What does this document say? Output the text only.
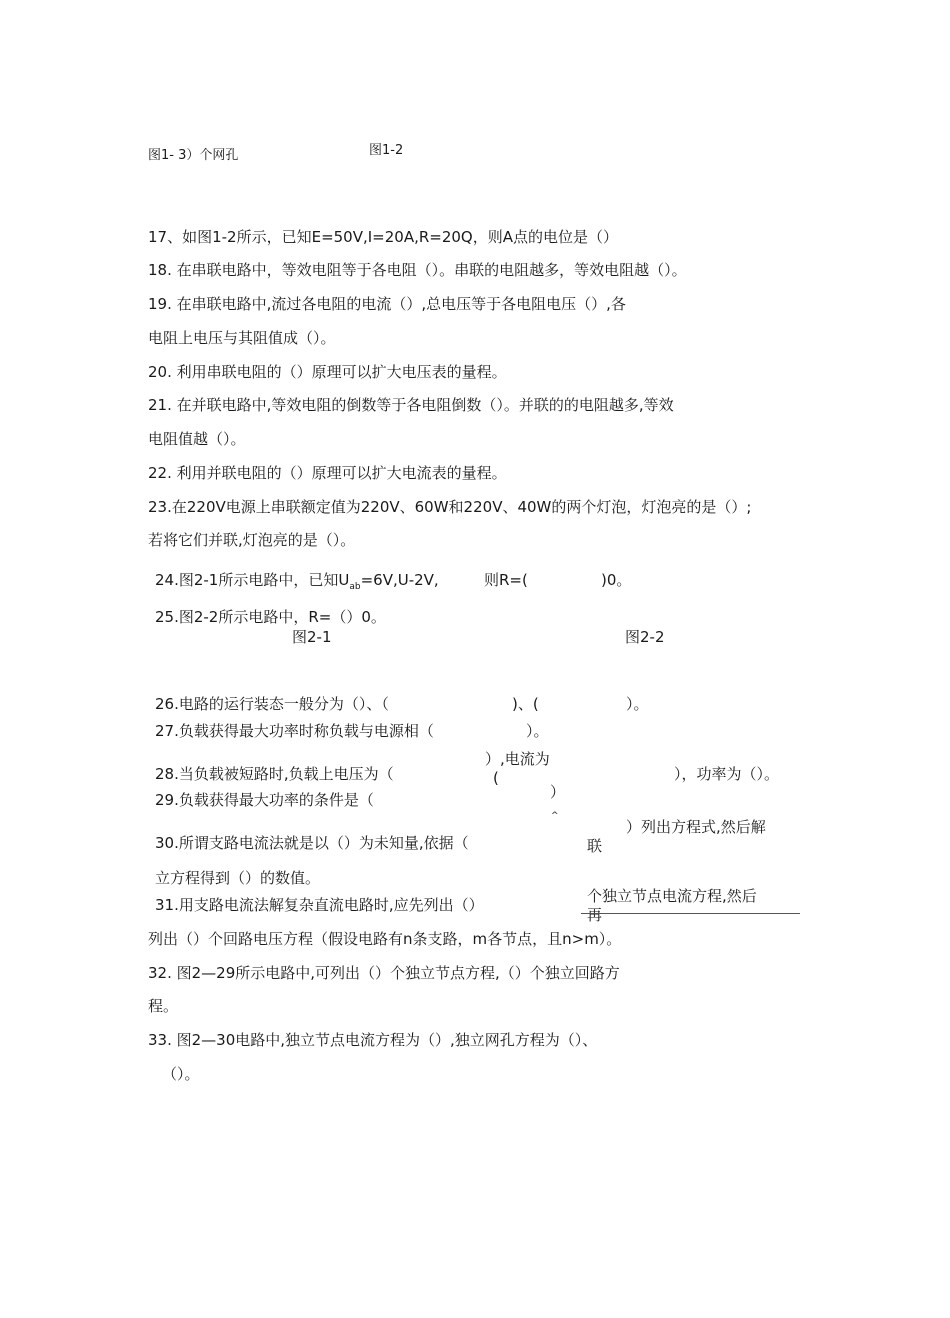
图1- 3）个网孔	图1-2
17、如图1-2所示，已知E=50V,I=20A,R=20Q，则A点的电位是（）
18. 在串联电路中，等效电阻等于各电阻（）。串联的电阻越多，等效电阻越（）。
19. 在串联电路中,流过各电阻的电流（）,总电压等于各电阻电压（）,各
电阻上电压与其阻值成（）。
20. 利用串联电阻的（）原理可以扩大电压表的量程。
21. 在并联电路中,等效电阻的倒数等于各电阻倒数（）。并联的的电阻越多,等效
电阻值越（）。
22. 利用并联电阻的（）原理可以扩大电流表的量程。
23.在220V电源上串联额定值为220V、60W和220V、40W的两个灯泡，灯泡亮的是（）;
若将它们并联,灯泡亮的是（）。
24.图2-1所示电路中，已知$U_{ab}=6V,U-2V$,	则R=(	)0。
25.图2-2所示电路中，R=（）0。
图2-1	图2-2
26.电路的运行装态一般分为（）、（	)、(	）。
27.负载获得最大功率时称负载与电源相（	）。
）,电流为
28.当负载被短路时,负载上电压为（	(	），功率为（）。
29.负载获得最大功率的条件是（	）
^
30.所谓支路电流法就是以（）为未知量,依据（
）列出方程式,然后解
联
立方程得到（）的数值。
31.用支路电流法解复杂直流电路时,应先列出（）	个独立节点电流方程,然后
再
列出（）个回路电压方程（假设电路有n条支路，m各节点，且n>m）。
32. 图2—29所示电路中,可列出（）个独立节点方程,（）个独立回路方
程。
33. 图2—30电路中,独立节点电流方程为（）,独立网孔方程为（）、
（）。
